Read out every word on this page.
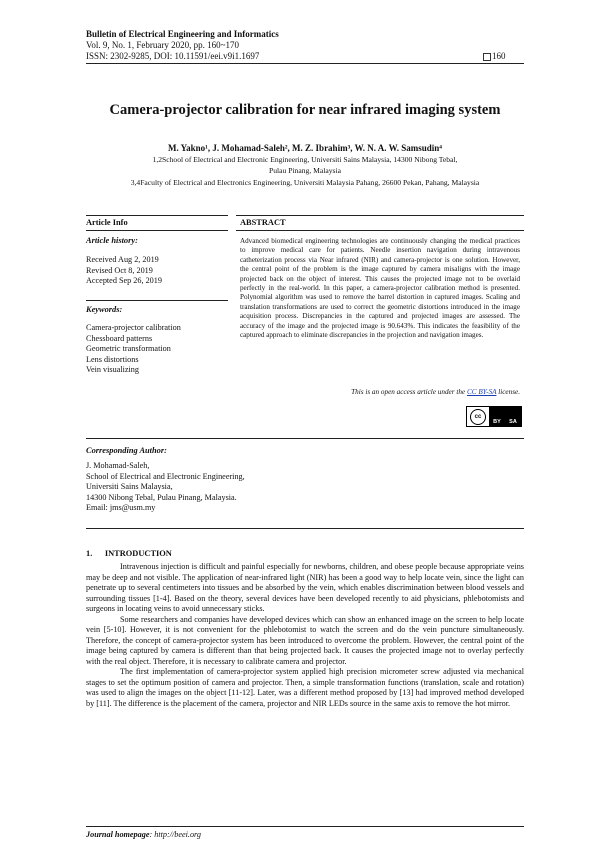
Bulletin of Electrical Engineering and Informatics
Vol. 9, No. 1, February 2020, pp. 160~170
ISSN: 2302-9285, DOI: 10.11591/eei.v9i1.1697	160
Camera-projector calibration for near infrared imaging system
M. Yakno¹, J. Mohamad-Saleh², M. Z. Ibrahim³, W. N. A. W. Samsudin⁴
1,2School of Electrical and Electronic Engineering, Universiti Sains Malaysia, 14300 Nibong Tebal,
Pulau Pinang, Malaysia
3,4Faculty of Electrical and Electronics Engineering, Universiti Malaysia Pahang, 26600 Pekan, Pahang, Malaysia
Article Info	ABSTRACT
Article history:
Received Aug 2, 2019
Revised Oct 8, 2019
Accepted Sep 26, 2019
Keywords:
Camera-projector calibration
Chessboard patterns
Geometric transformation
Lens distortions
Vein visualizing
Advanced biomedical engineering technologies are continuously changing the medical practices to improve medical care for patients. Needle insertion navigation during intravenous catheterization process via Near infrared (NIR) and camera-projector is one solution. However, the central point of the problem is the image captured by camera misaligns with the image projected back on the object of interest. This causes the projected image not to be overlaid perfectly in the real-world. In this paper, a camera-projector calibration method is presented. Polynomial algorithm was used to remove the barrel distortion in captured images. Scaling and translation transformations are used to correct the geometric distortions introduced in the image acquisition process. Discrepancies in the captured and projected images are assessed. The accuracy of the image and the projected image is 90.643%. This indicates the feasibility of the captured approach to eliminate discrepancies in the projection and navigation images.
This is an open access article under the CC BY-SA license.
cc
BY SA
Corresponding Author:
J. Mohamad-Saleh,
School of Electrical and Electronic Engineering,
Universiti Sains Malaysia,
14300 Nibong Tebal, Pulau Pinang, Malaysia.
Email: jms@usm.my
1.      INTRODUCTION

Intravenous injection is difficult and painful especially for newborns, children, and obese people because appropriate veins may be deep and not visible. The application of near-infrared light (NIR) has been a good way to help locate vein, since the light can penetrate up to several centimeters into tissues and be absorbed by the vein, which enables discrimination between blood vessels and surrounding tissues [1-4]. Based on the theory, several devices have been developed recently to aid physicians, phlebotomists and surgeons in locating veins to avoid unnecessary sticks.

Some researchers and companies have developed devices which can show an enhanced image on the screen to help locate vein [5-10]. However, it is not convenient for the phlebotomist to watch the screen and do the vein puncture simultaneously. Therefore, the concept of camera-projector system has been introduced to overcome the problem. However, the central point of the image being captured by camera is different than that being projected back. It causes the projected image not to overlay perfectly with the real object. Therefore, it is necessary to calibrate camera and projector.

The first implementation of camera-projector system applied high precision micrometer screw adjusted via mechanical stages to set the optimum position of camera and projector. Then, a simple transformation functions (translation, scale and rotation) was used to align the images on the object [11-12]. Later, was a different method proposed by [13] had improved method developed by [11]. The difference is the placement of the camera, projector and NIR LEDs source in the same axis to remove the hot mirror.

Journal homepage: http://beei.org
